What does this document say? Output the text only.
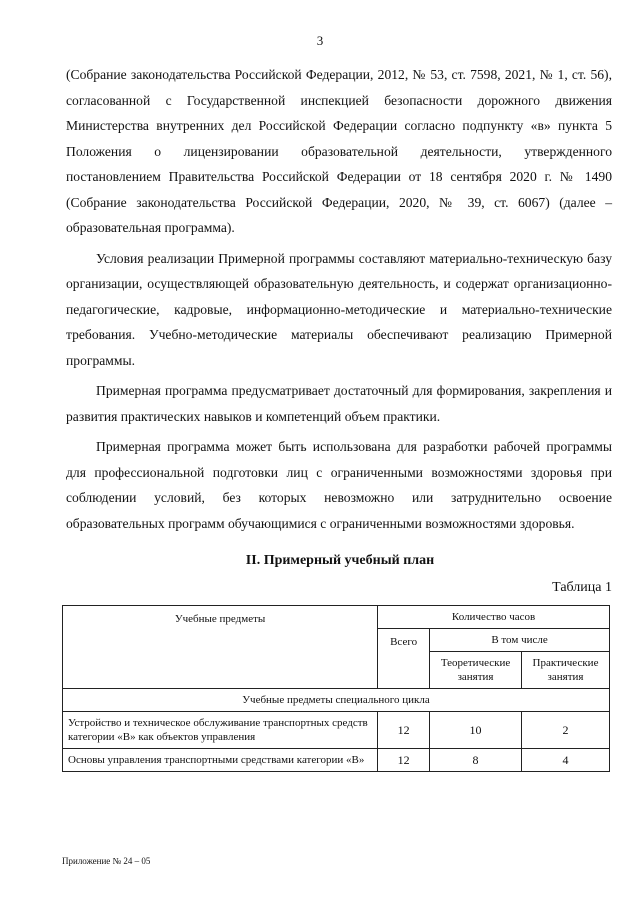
3

(Собрание законодательства Российской Федерации, 2012, № 53, ст. 7598, 2021, № 1, ст. 56), согласованной с Государственной инспекцией безопасности дорожного движения Министерства внутренних дел Российской Федерации согласно подпункту «в» пункта 5 Положения о лицензировании образовательной деятельности, утвержденного постановлением Правительства Российской Федерации от 18 сентября 2020 г. № 1490 (Собрание законодательства Российской Федерации, 2020, № 39, ст. 6067) (далее – образовательная программа).

Условия реализации Примерной программы составляют материально-техническую базу организации, осуществляющей образовательную деятельность, и содержат организационно-педагогические, кадровые, информационно-методические и материально-технические требования. Учебно-методические материалы обеспечивают реализацию Примерной программы.

Примерная программа предусматривает достаточный для формирования, закрепления и развития практических навыков и компетенций объем практики.

Примерная программа может быть использована для разработки рабочей программы для профессиональной подготовки лиц с ограниченными возможностями здоровья при соблюдении условий, без которых невозможно или затруднительно освоение образовательных программ обучающимися с ограниченными возможностями здоровья.

II. Примерный учебный план
Таблица 1
Учебные предметы	Количество часов		
	Всего	В том числе	
		Теоретические занятия	Практические занятия
Учебные предметы специального цикла			
Устройство и техническое обслуживание транспортных средств категории «В» как объектов управления	12	10	2
Основы управления транспортными средствами категории «В»	12	8	4
Приложение № 24 – 05
